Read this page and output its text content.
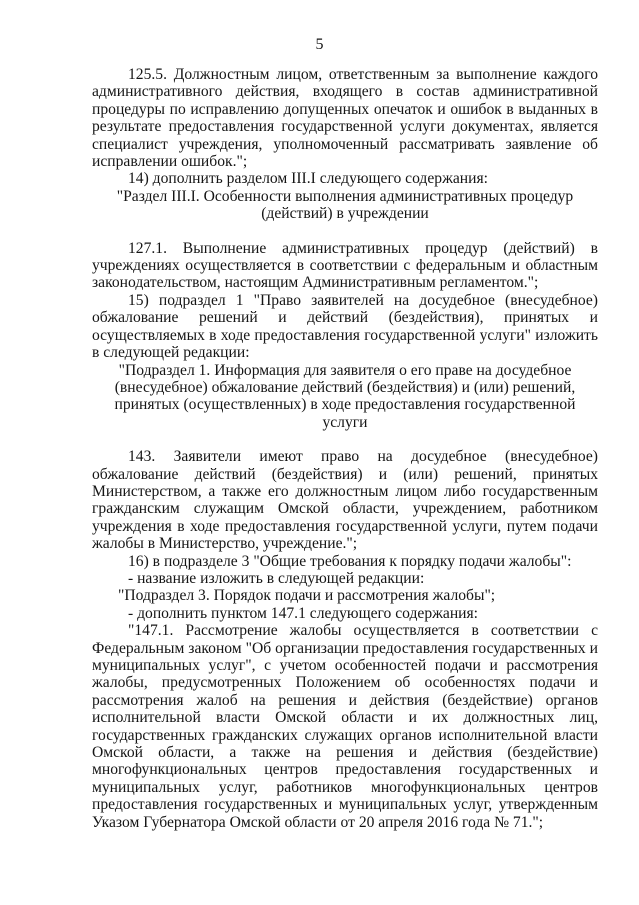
5

125.5. Должностным лицом, ответственным за выполнение каждого административного действия, входящего в состав административной процедуры по исправлению допущенных опечаток и ошибок в выданных в результате предоставления государственной услуги документах, является специалист учреждения, уполномоченный рассматривать заявление об исправлении ошибок.";

14) дополнить разделом III.I следующего содержания:

"Раздел III.I. Особенности выполнения административных процедур (действий) в учреждении

127.1. Выполнение административных процедур (действий) в учреждениях осуществляется в соответствии с федеральным и областным законодательством, настоящим Административным регламентом.";

15) подраздел 1 "Право заявителей на досудебное (внесудебное) обжалование решений и действий (бездействия), принятых и осуществляемых в ходе предоставления государственной услуги" изложить в следующей редакции:

"Подраздел 1. Информация для заявителя о его праве на досудебное (внесудебное) обжалование действий (бездействия) и (или) решений, принятых (осуществленных) в ходе предоставления государственной услуги

143. Заявители имеют право на досудебное (внесудебное) обжалование действий (бездействия) и (или) решений, принятых Министерством, а также его должностным лицом либо государственным гражданским служащим Омской области, учреждением, работником учреждения в ходе предоставления государственной услуги, путем подачи жалобы в Министерство, учреждение.";

16) в подразделе 3 "Общие требования к порядку подачи жалобы":

- название изложить в следующей редакции:

"Подраздел 3. Порядок подачи и рассмотрения жалобы";

- дополнить пунктом 147.1 следующего содержания:

"147.1. Рассмотрение жалобы осуществляется в соответствии с Федеральным законом "Об организации предоставления государственных и муниципальных услуг", с учетом особенностей подачи и рассмотрения жалобы, предусмотренных Положением об особенностях подачи и рассмотрения жалоб на решения и действия (бездействие) органов исполнительной власти Омской области и их должностных лиц, государственных гражданских служащих органов исполнительной власти Омской области, а также на решения и действия (бездействие) многофункциональных центров предоставления государственных и муниципальных услуг, работников многофункциональных центров предоставления государственных и муниципальных услуг, утвержденным Указом Губернатора Омской области от 20 апреля 2016 года № 71.";
